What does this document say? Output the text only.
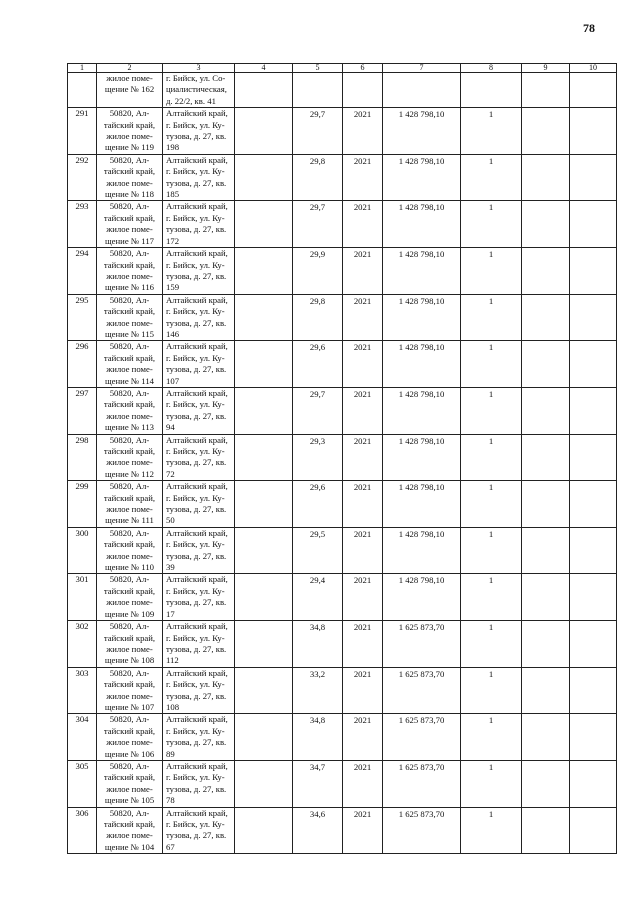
78
1	2	3	4	5	6	7	8	9	10
	жилое поме-
щение № 162	г. Бийск, ул. Со-
циалистическая,
д. 22/2, кв. 41							
291	50820, Ал-
тайский край,
жилое поме-
щение № 119	Алтайский край,
г. Бийск, ул. Ку-
тузова, д. 27, кв.
198		29,7	2021	1 428 798,10	1		
292	50820, Ал-
тайский край,
жилое поме-
щение № 118	Алтайский край,
г. Бийск, ул. Ку-
тузова, д. 27, кв.
185		29,8	2021	1 428 798,10	1		
293	50820, Ал-
тайский край,
жилое поме-
щение № 117	Алтайский край,
г. Бийск, ул. Ку-
тузова, д. 27, кв.
172		29,7	2021	1 428 798,10	1		
294	50820, Ал-
тайский край,
жилое поме-
щение № 116	Алтайский край,
г. Бийск, ул. Ку-
тузова, д. 27, кв.
159		29,9	2021	1 428 798,10	1		
295	50820, Ал-
тайский край,
жилое поме-
щение № 115	Алтайский край,
г. Бийск, ул. Ку-
тузова, д. 27, кв.
146		29,8	2021	1 428 798,10	1		
296	50820, Ал-
тайский край,
жилое поме-
щение № 114	Алтайский край,
г. Бийск, ул. Ку-
тузова, д. 27, кв.
107		29,6	2021	1 428 798,10	1		
297	50820, Ал-
тайский край,
жилое поме-
щение № 113	Алтайский край,
г. Бийск, ул. Ку-
тузова, д. 27, кв.
94		29,7	2021	1 428 798,10	1		
298	50820, Ал-
тайский край,
жилое поме-
щение № 112	Алтайский край,
г. Бийск, ул. Ку-
тузова, д. 27, кв.
72		29,3	2021	1 428 798,10	1		
299	50820, Ал-
тайский край,
жилое поме-
щение № 111	Алтайский край,
г. Бийск, ул. Ку-
тузова, д. 27, кв.
50		29,6	2021	1 428 798,10	1		
300	50820, Ал-
тайский край,
жилое поме-
щение № 110	Алтайский край,
г. Бийск, ул. Ку-
тузова, д. 27, кв.
39		29,5	2021	1 428 798,10	1		
301	50820, Ал-
тайский край,
жилое поме-
щение № 109	Алтайский край,
г. Бийск, ул. Ку-
тузова, д. 27, кв.
17		29,4	2021	1 428 798,10	1		
302	50820, Ал-
тайский край,
жилое поме-
щение № 108	Алтайский край,
г. Бийск, ул. Ку-
тузова, д. 27, кв.
112		34,8	2021	1 625 873,70	1		
303	50820, Ал-
тайский край,
жилое поме-
щение № 107	Алтайский край,
г. Бийск, ул. Ку-
тузова, д. 27, кв.
108		33,2	2021	1 625 873,70	1		
304	50820, Ал-
тайский край,
жилое поме-
щение № 106	Алтайский край,
г. Бийск, ул. Ку-
тузова, д. 27, кв.
89		34,8	2021	1 625 873,70	1		
305	50820, Ал-
тайский край,
жилое поме-
щение № 105	Алтайский край,
г. Бийск, ул. Ку-
тузова, д. 27, кв.
78		34,7	2021	1 625 873,70	1		
306	50820, Ал-
тайский край,
жилое поме-
щение № 104	Алтайский край,
г. Бийск, ул. Ку-
тузова, д. 27, кв.
67		34,6	2021	1 625 873,70	1		
